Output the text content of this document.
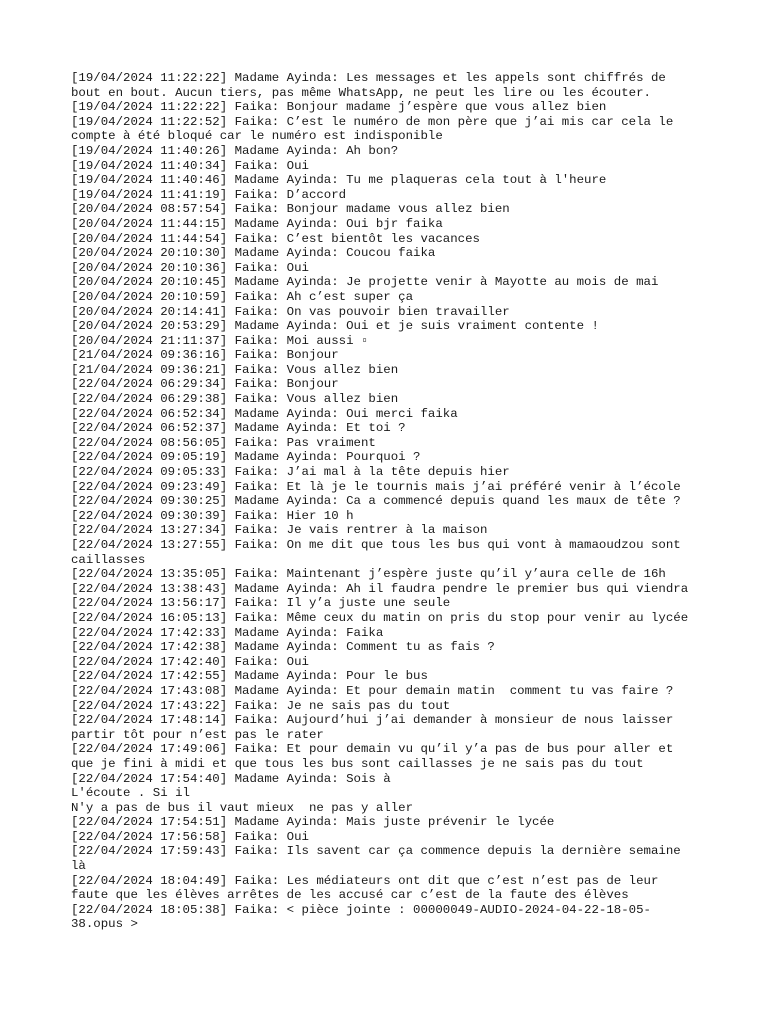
[19/04/2024 11:22:22] Madame Ayinda: Les messages et les appels sont chiffrés de bout en bout. Aucun tiers, pas même WhatsApp, ne peut les lire ou les écouter.
[19/04/2024 11:22:22] Faika: Bonjour madame j’espère que vous allez bien
[19/04/2024 11:22:52] Faika: C’est le numéro de mon père que j’ai mis car cela le compte à été bloqué car le numéro est indisponible
[19/04/2024 11:40:26] Madame Ayinda: Ah bon?
[19/04/2024 11:40:34] Faika: Oui
[19/04/2024 11:40:46] Madame Ayinda: Tu me plaqueras cela tout à l'heure
[19/04/2024 11:41:19] Faika: D’accord
[20/04/2024 08:57:54] Faika: Bonjour madame vous allez bien
[20/04/2024 11:44:15] Madame Ayinda: Oui bjr faika
[20/04/2024 11:44:54] Faika: C’est bientôt les vacances
[20/04/2024 20:10:30] Madame Ayinda: Coucou faika
[20/04/2024 20:10:36] Faika: Oui
[20/04/2024 20:10:45] Madame Ayinda: Je projette venir à Mayotte au mois de mai
[20/04/2024 20:10:59] Faika: Ah c’est super ça
[20/04/2024 20:14:41] Faika: On vas pouvoir bien travailler
[20/04/2024 20:53:29] Madame Ayinda: Oui et je suis vraiment contente !
[20/04/2024 21:11:37] Faika: Moi aussi ▫
[21/04/2024 09:36:16] Faika: Bonjour
[21/04/2024 09:36:21] Faika: Vous allez bien
[22/04/2024 06:29:34] Faika: Bonjour
[22/04/2024 06:29:38] Faika: Vous allez bien
[22/04/2024 06:52:34] Madame Ayinda: Oui merci faika
[22/04/2024 06:52:37] Madame Ayinda: Et toi ?
[22/04/2024 08:56:05] Faika: Pas vraiment
[22/04/2024 09:05:19] Madame Ayinda: Pourquoi ?
[22/04/2024 09:05:33] Faika: J’ai mal à la tête depuis hier
[22/04/2024 09:23:49] Faika: Et là je le tournis mais j’ai préféré venir à l’école
[22/04/2024 09:30:25] Madame Ayinda: Ca a commencé depuis quand les maux de tête ?
[22/04/2024 09:30:39] Faika: Hier 10 h
[22/04/2024 13:27:34] Faika: Je vais rentrer à la maison
[22/04/2024 13:27:55] Faika: On me dit que tous les bus qui vont à mamaoudzou sont caillasses
[22/04/2024 13:35:05] Faika: Maintenant j’espère juste qu’il y’aura celle de 16h
[22/04/2024 13:38:43] Madame Ayinda: Ah il faudra pendre le premier bus qui viendra
[22/04/2024 13:56:17] Faika: Il y’a juste une seule
[22/04/2024 16:05:13] Faika: Même ceux du matin on pris du stop pour venir au lycée
[22/04/2024 17:42:33] Madame Ayinda: Faika
[22/04/2024 17:42:38] Madame Ayinda: Comment tu as fais ?
[22/04/2024 17:42:40] Faika: Oui
[22/04/2024 17:42:55] Madame Ayinda: Pour le bus
[22/04/2024 17:43:08] Madame Ayinda: Et pour demain matin  comment tu vas faire ?
[22/04/2024 17:43:22] Faika: Je ne sais pas du tout
[22/04/2024 17:48:14] Faika: Aujourd’hui j’ai demander à monsieur de nous laisser partir tôt pour n’est pas le rater
[22/04/2024 17:49:06] Faika: Et pour demain vu qu’il y’a pas de bus pour aller et que je fini à midi et que tous les bus sont caillasses je ne sais pas du tout
[22/04/2024 17:54:40] Madame Ayinda: Sois à
L'écoute . Si il
N'y a pas de bus il vaut mieux  ne pas y aller
[22/04/2024 17:54:51] Madame Ayinda: Mais juste prévenir le lycée
[22/04/2024 17:56:58] Faika: Oui
[22/04/2024 17:59:43] Faika: Ils savent car ça commence depuis la dernière semaine là
[22/04/2024 18:04:49] Faika: Les médiateurs ont dit que c’est n’est pas de leur faute que les élèves arrêtes de les accusé car c’est de la faute des élèves
[22/04/2024 18:05:38] Faika: < pièce jointe : 00000049-AUDIO-2024-04-22-18-05-38.opus >
